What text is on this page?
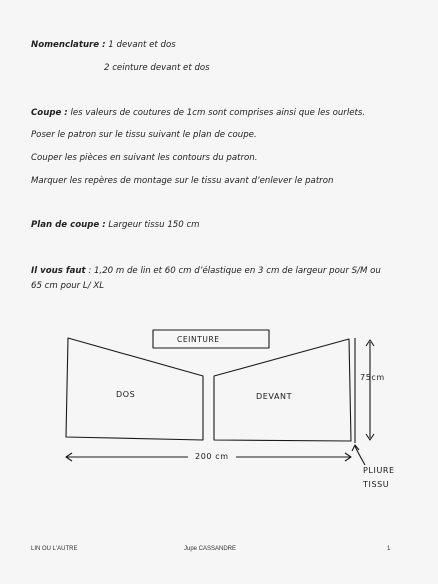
Nomenclature : 1 devant et dos
2 ceinture devant et dos
Coupe : les valeurs de coutures de 1cm sont comprises ainsi que les ourlets.
Poser le patron sur le tissu suivant le plan de coupe.
Couper les pièces en suivant les contours du patron.
Marquer les repères de montage sur le tissu avant d’enlever le patron
Plan de coupe : Largeur tissu 150 cm
Il vous faut : 1,20 m de lin et 60 cm d’élastique en 3 cm de largeur pour S/M ou
65 cm pour L/ XL
CEINTURE
DOS	DEVANT
75cm
200 cm
PLIURE
TISSU
LIN OU L'AUTRE	Jupe CASSANDRE	1
